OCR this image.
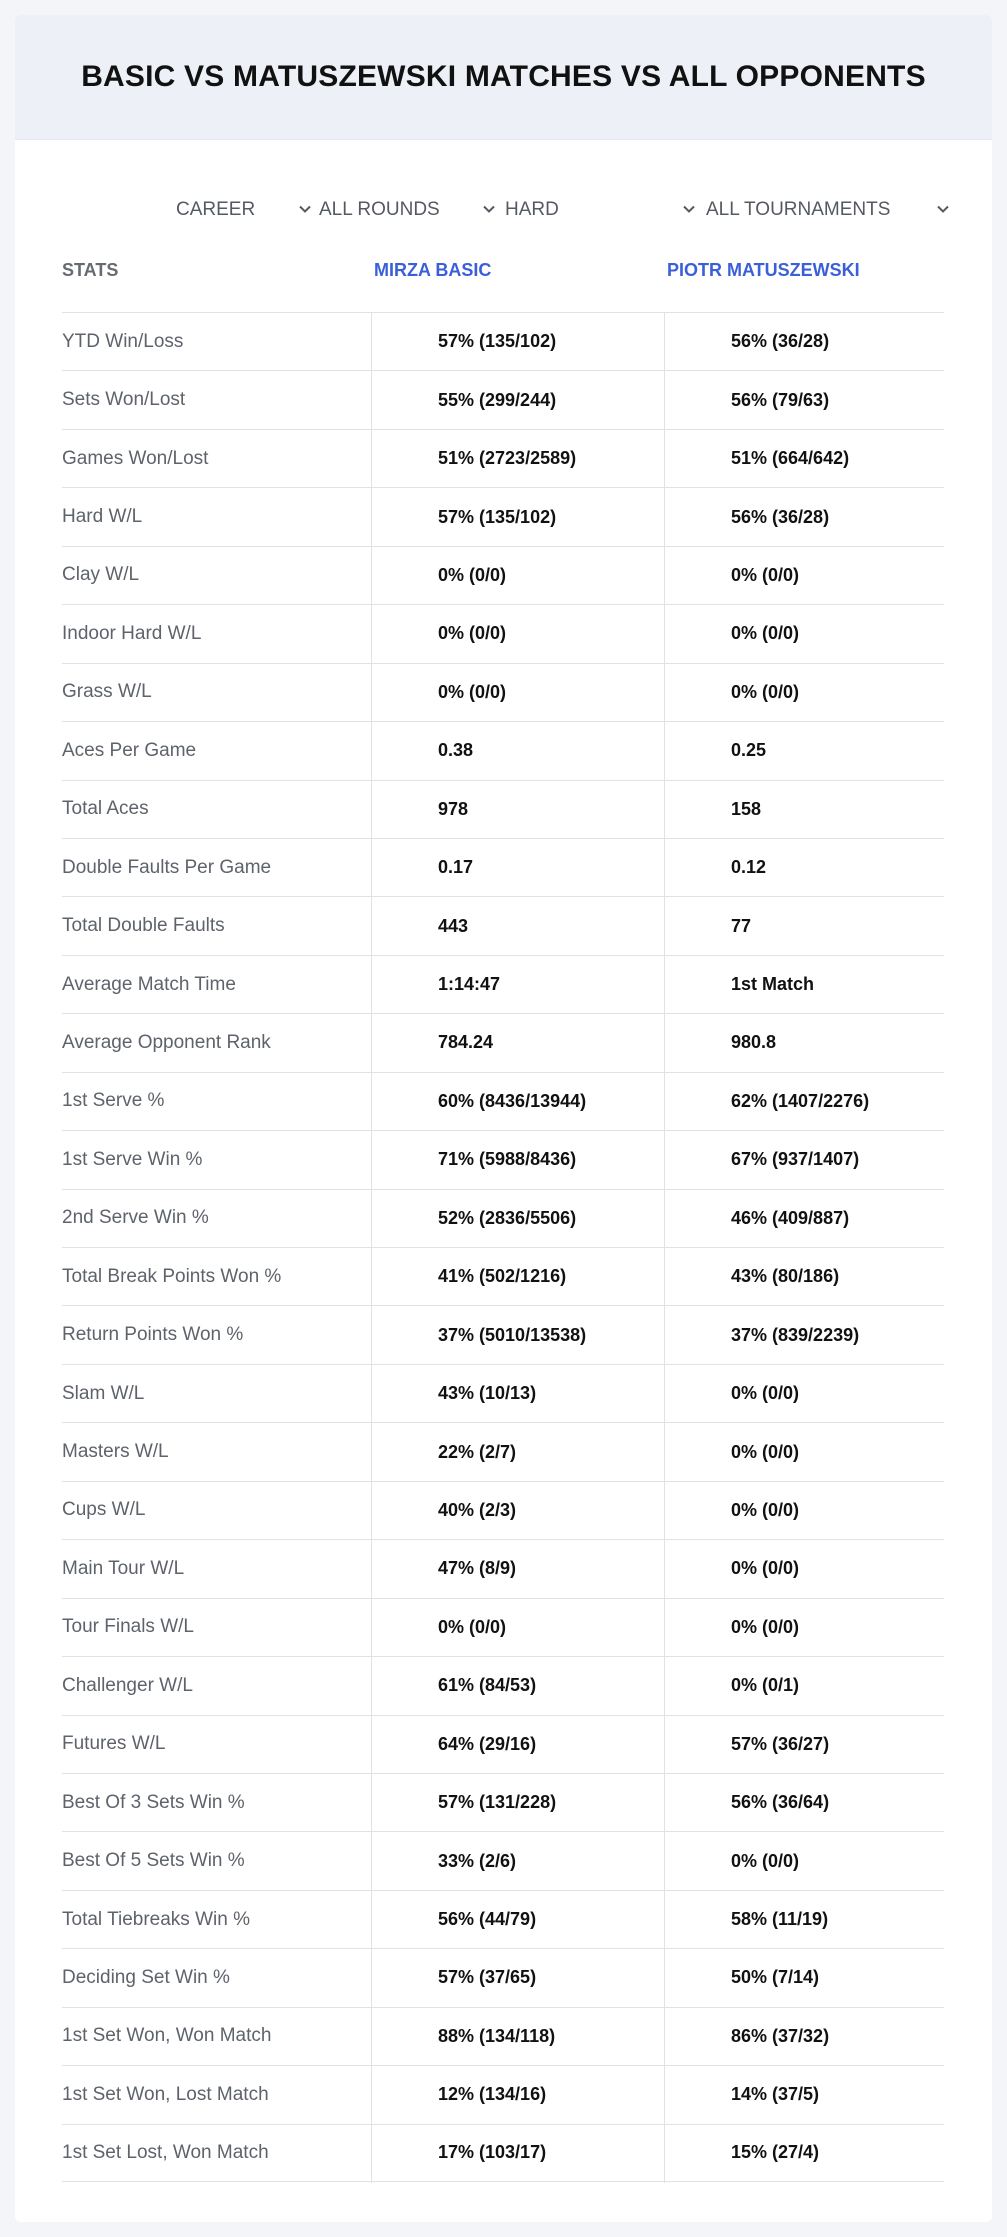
BASIC VS MATUSZEWSKI MATCHES VS ALL OPPONENTS
CAREER	ALL ROUNDS	HARD	ALL TOURNAMENTS
STATS	MIRZA BASIC	PIOTR MATUSZEWSKI
YTD Win/Loss	57% (135/102)	56% (36/28)
Sets Won/Lost	55% (299/244)	56% (79/63)
Games Won/Lost	51% (2723/2589)	51% (664/642)
Hard W/L	57% (135/102)	56% (36/28)
Clay W/L	0% (0/0)	0% (0/0)
Indoor Hard W/L	0% (0/0)	0% (0/0)
Grass W/L	0% (0/0)	0% (0/0)
Aces Per Game	0.38	0.25
Total Aces	978	158
Double Faults Per Game	0.17	0.12
Total Double Faults	443	77
Average Match Time	1:14:47	1st Match
Average Opponent Rank	784.24	980.8
1st Serve %	60% (8436/13944)	62% (1407/2276)
1st Serve Win %	71% (5988/8436)	67% (937/1407)
2nd Serve Win %	52% (2836/5506)	46% (409/887)
Total Break Points Won %	41% (502/1216)	43% (80/186)
Return Points Won %	37% (5010/13538)	37% (839/2239)
Slam W/L	43% (10/13)	0% (0/0)
Masters W/L	22% (2/7)	0% (0/0)
Cups W/L	40% (2/3)	0% (0/0)
Main Tour W/L	47% (8/9)	0% (0/0)
Tour Finals W/L	0% (0/0)	0% (0/0)
Challenger W/L	61% (84/53)	0% (0/1)
Futures W/L	64% (29/16)	57% (36/27)
Best Of 3 Sets Win %	57% (131/228)	56% (36/64)
Best Of 5 Sets Win %	33% (2/6)	0% (0/0)
Total Tiebreaks Win %	56% (44/79)	58% (11/19)
Deciding Set Win %	57% (37/65)	50% (7/14)
1st Set Won, Won Match	88% (134/118)	86% (37/32)
1st Set Won, Lost Match	12% (134/16)	14% (37/5)
1st Set Lost, Won Match	17% (103/17)	15% (27/4)
